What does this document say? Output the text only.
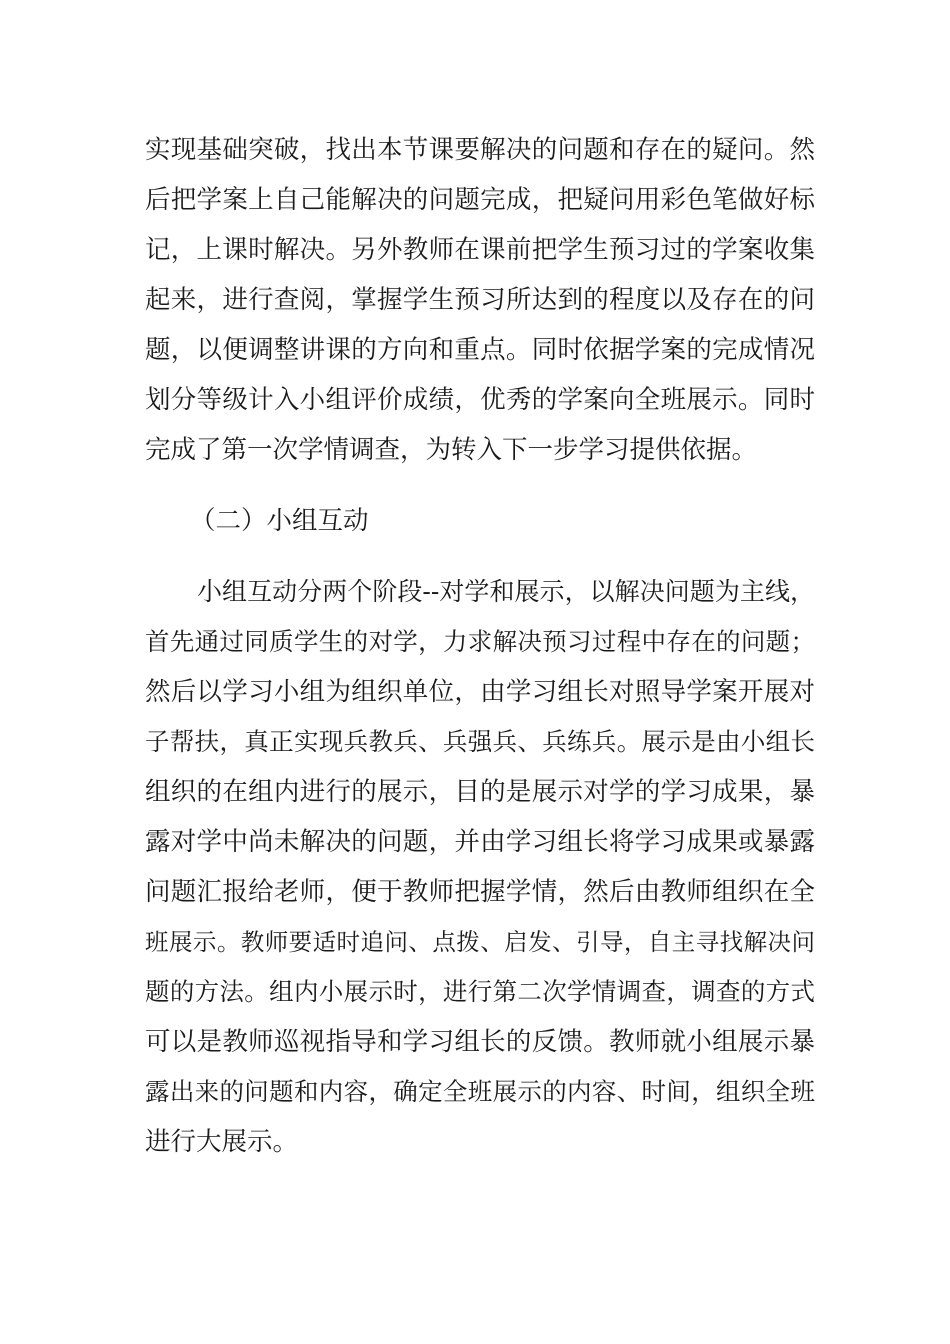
实现基础突破，找出本节课要解决的问题和存在的疑问。然
后把学案上自己能解决的问题完成，把疑问用彩色笔做好标
记，上课时解决。另外教师在课前把学生预习过的学案收集
起来，进行查阅，掌握学生预习所达到的程度以及存在的问
题，以便调整讲课的方向和重点。同时依据学案的完成情况
划分等级计入小组评价成绩，优秀的学案向全班展示。同时
完成了第一次学情调查，为转入下一步学习提供依据。
（二）小组互动
小组互动分两个阶段--对学和展示，以解决问题为主线，
首先通过同质学生的对学，力求解决预习过程中存在的问题；
然后以学习小组为组织单位，由学习组长对照导学案开展对
子帮扶，真正实现兵教兵、兵强兵、兵练兵。展示是由小组长
组织的在组内进行的展示，目的是展示对学的学习成果，暴
露对学中尚未解决的问题，并由学习组长将学习成果或暴露
问题汇报给老师，便于教师把握学情，然后由教师组织在全
班展示。教师要适时追问、点拨、启发、引导，自主寻找解决问
题的方法。组内小展示时，进行第二次学情调查，调查的方式
可以是教师巡视指导和学习组长的反馈。教师就小组展示暴
露出来的问题和内容，确定全班展示的内容、时间，组织全班
进行大展示。
